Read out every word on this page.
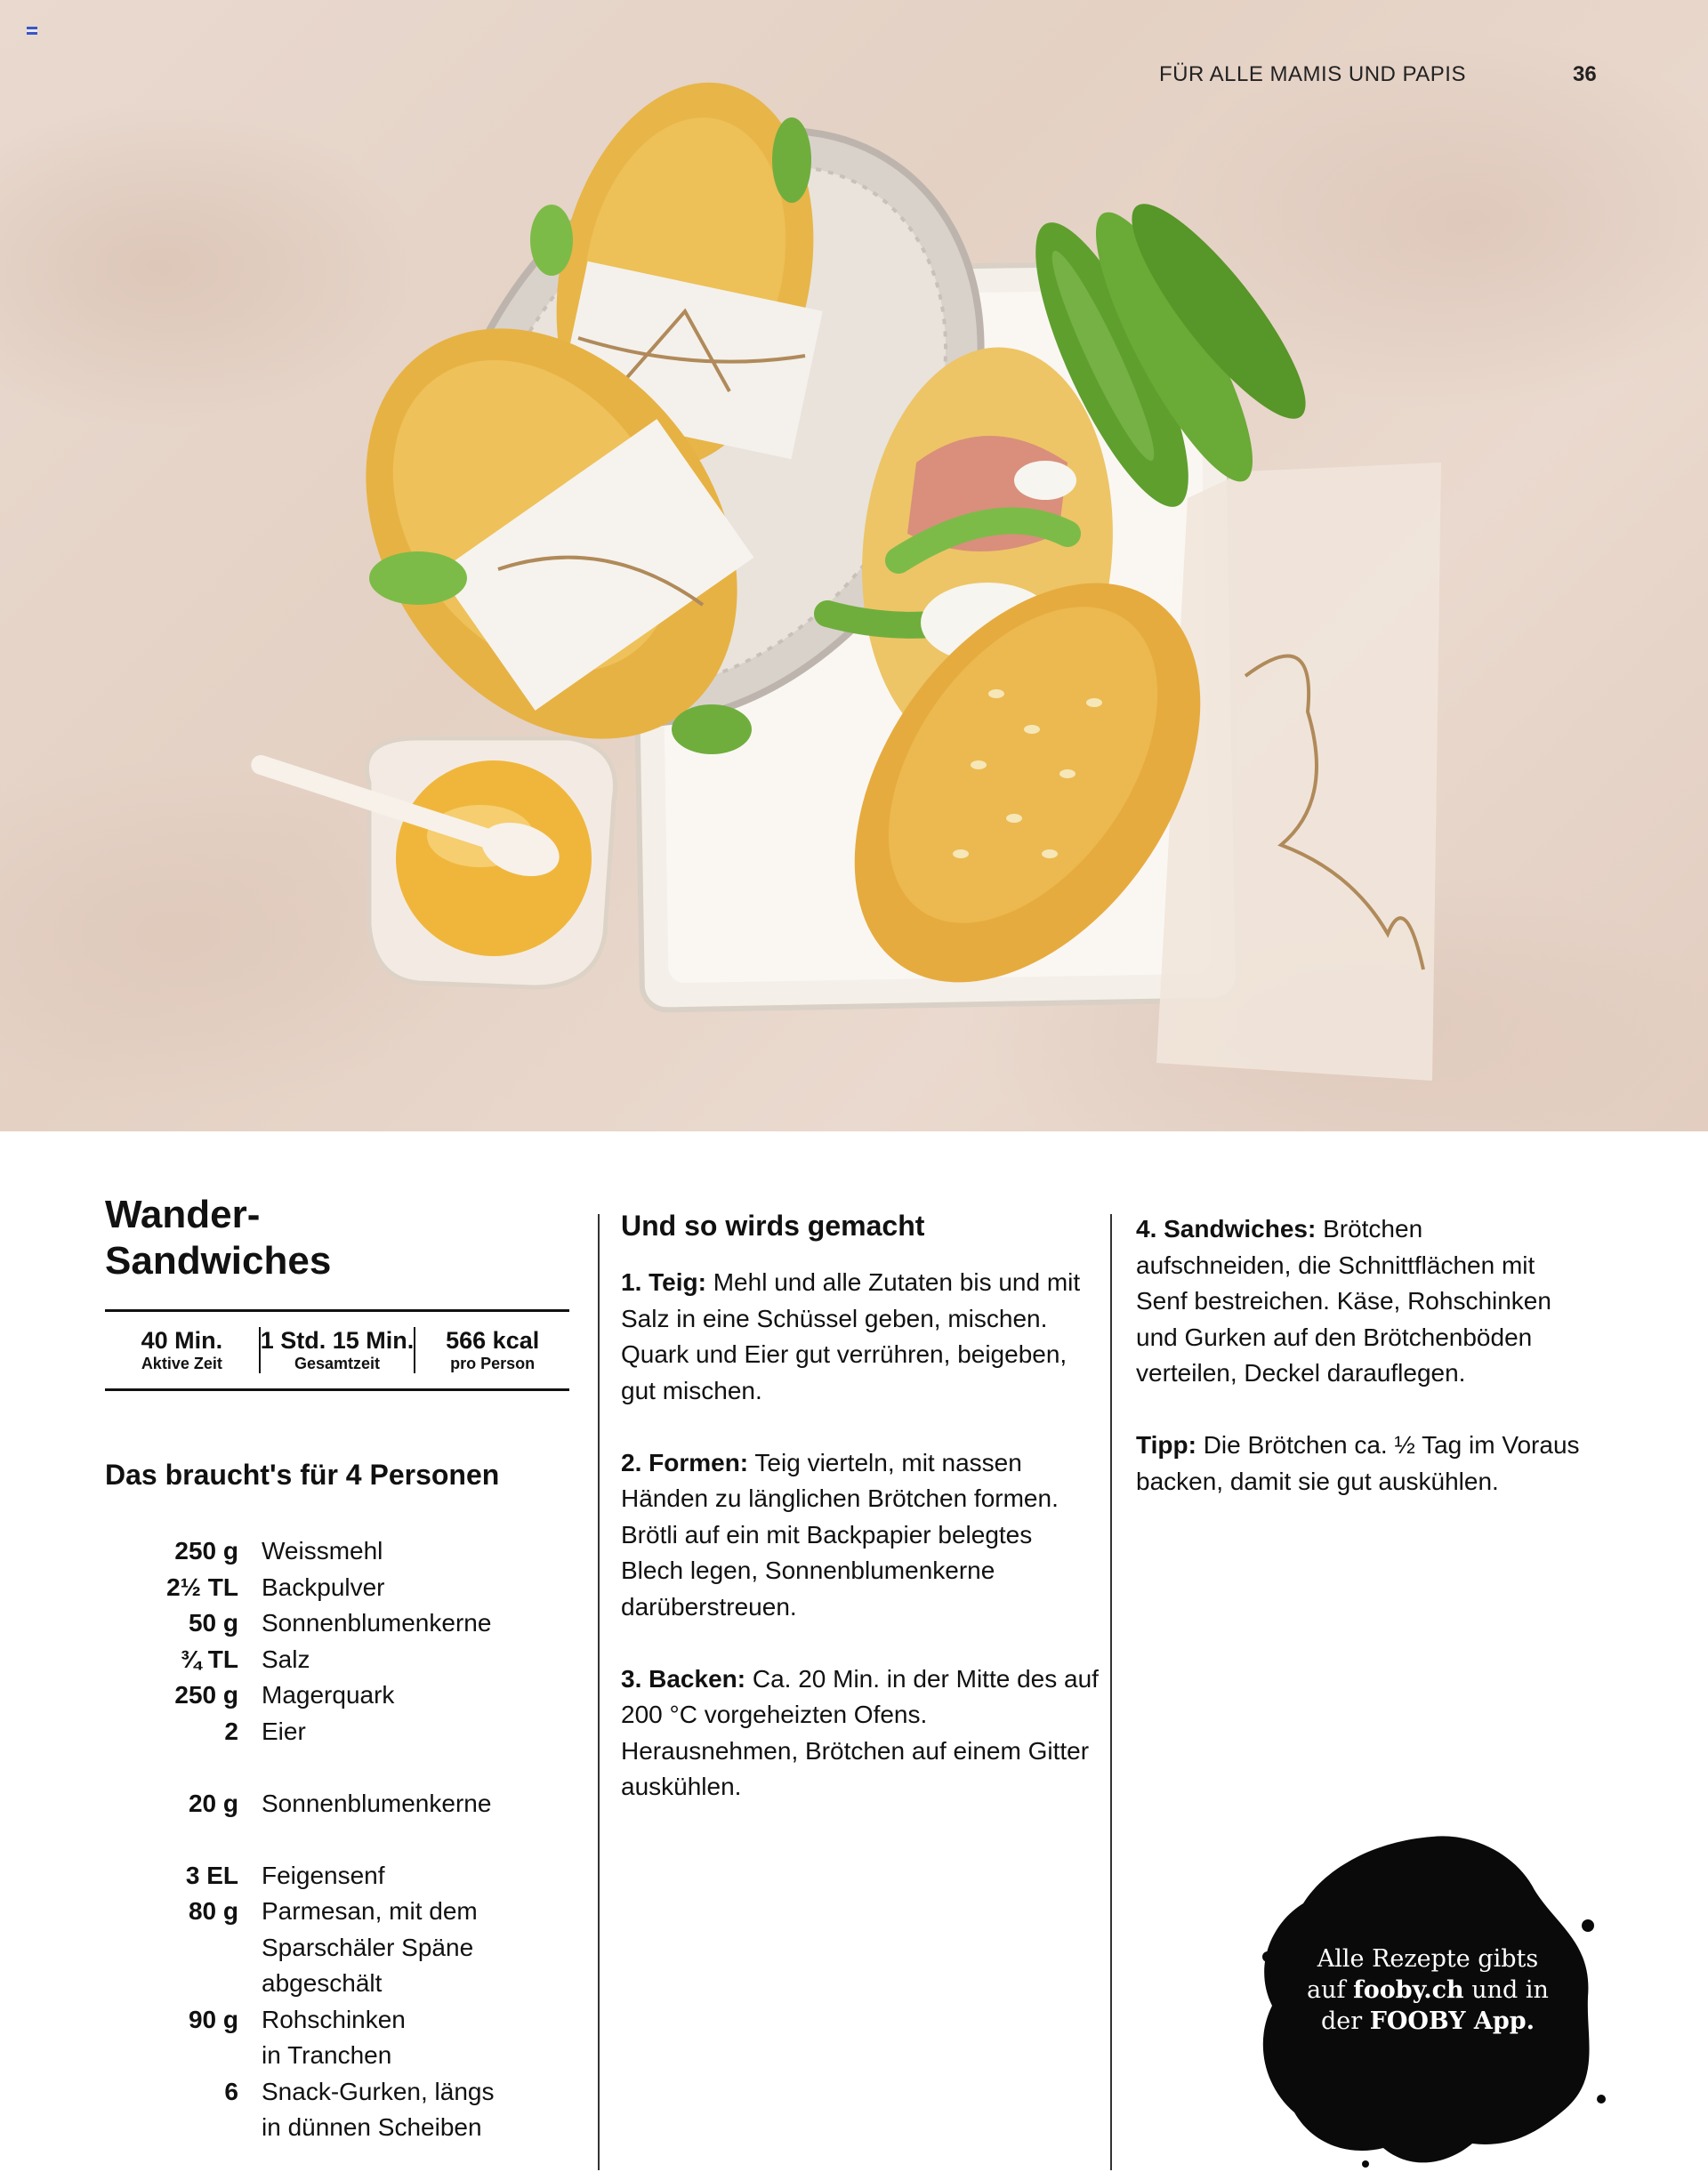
FÜR ALLE MAMIS UND PAPIS	36
Wander-
Sandwiches
40 Min.
Aktive Zeit
1 Std. 15 Min.
Gesamtzeit
566 kcal
pro Person
Das braucht's für 4 Personen
250 g Weissmehl
2½ TL Backpulver
50 g Sonnenblumenkerne
¾ TL Salz
250 g Magerquark
2 Eier
20 g Sonnenblumenkerne
3 EL Feigensenf
80 g Parmesan, mit dem
Sparschäler Späne
abgeschält
90 g Rohschinken
in Tranchen
6 Snack-Gurken, längs
in dünnen Scheiben
Und so wirds gemacht

1. Teig: Mehl und alle Zutaten bis und mit Salz in eine Schüssel geben, mischen. Quark und Eier gut verrühren, beigeben, gut mischen.

2. Formen: Teig vierteln, mit nassen Händen zu länglichen Brötchen formen. Brötli auf ein mit Backpapier belegtes Blech legen, Sonnenblumenkerne darüberstreuen.

3. Backen: Ca. 20 Min. in der Mitte des auf 200 °C vorgeheizten Ofens. Herausnehmen, Brötchen auf einem Gitter auskühlen.

4. Sandwiches: Brötchen aufschneiden, die Schnittflächen mit Senf bestreichen. Käse, Rohschinken und Gurken auf den Brötchenböden verteilen, Deckel darauflegen.

Tipp: Die Brötchen ca. ½ Tag im Voraus backen, damit sie gut auskühlen.

Alle Rezepte gibts
auf fooby.ch und in
der FOOBY App.
